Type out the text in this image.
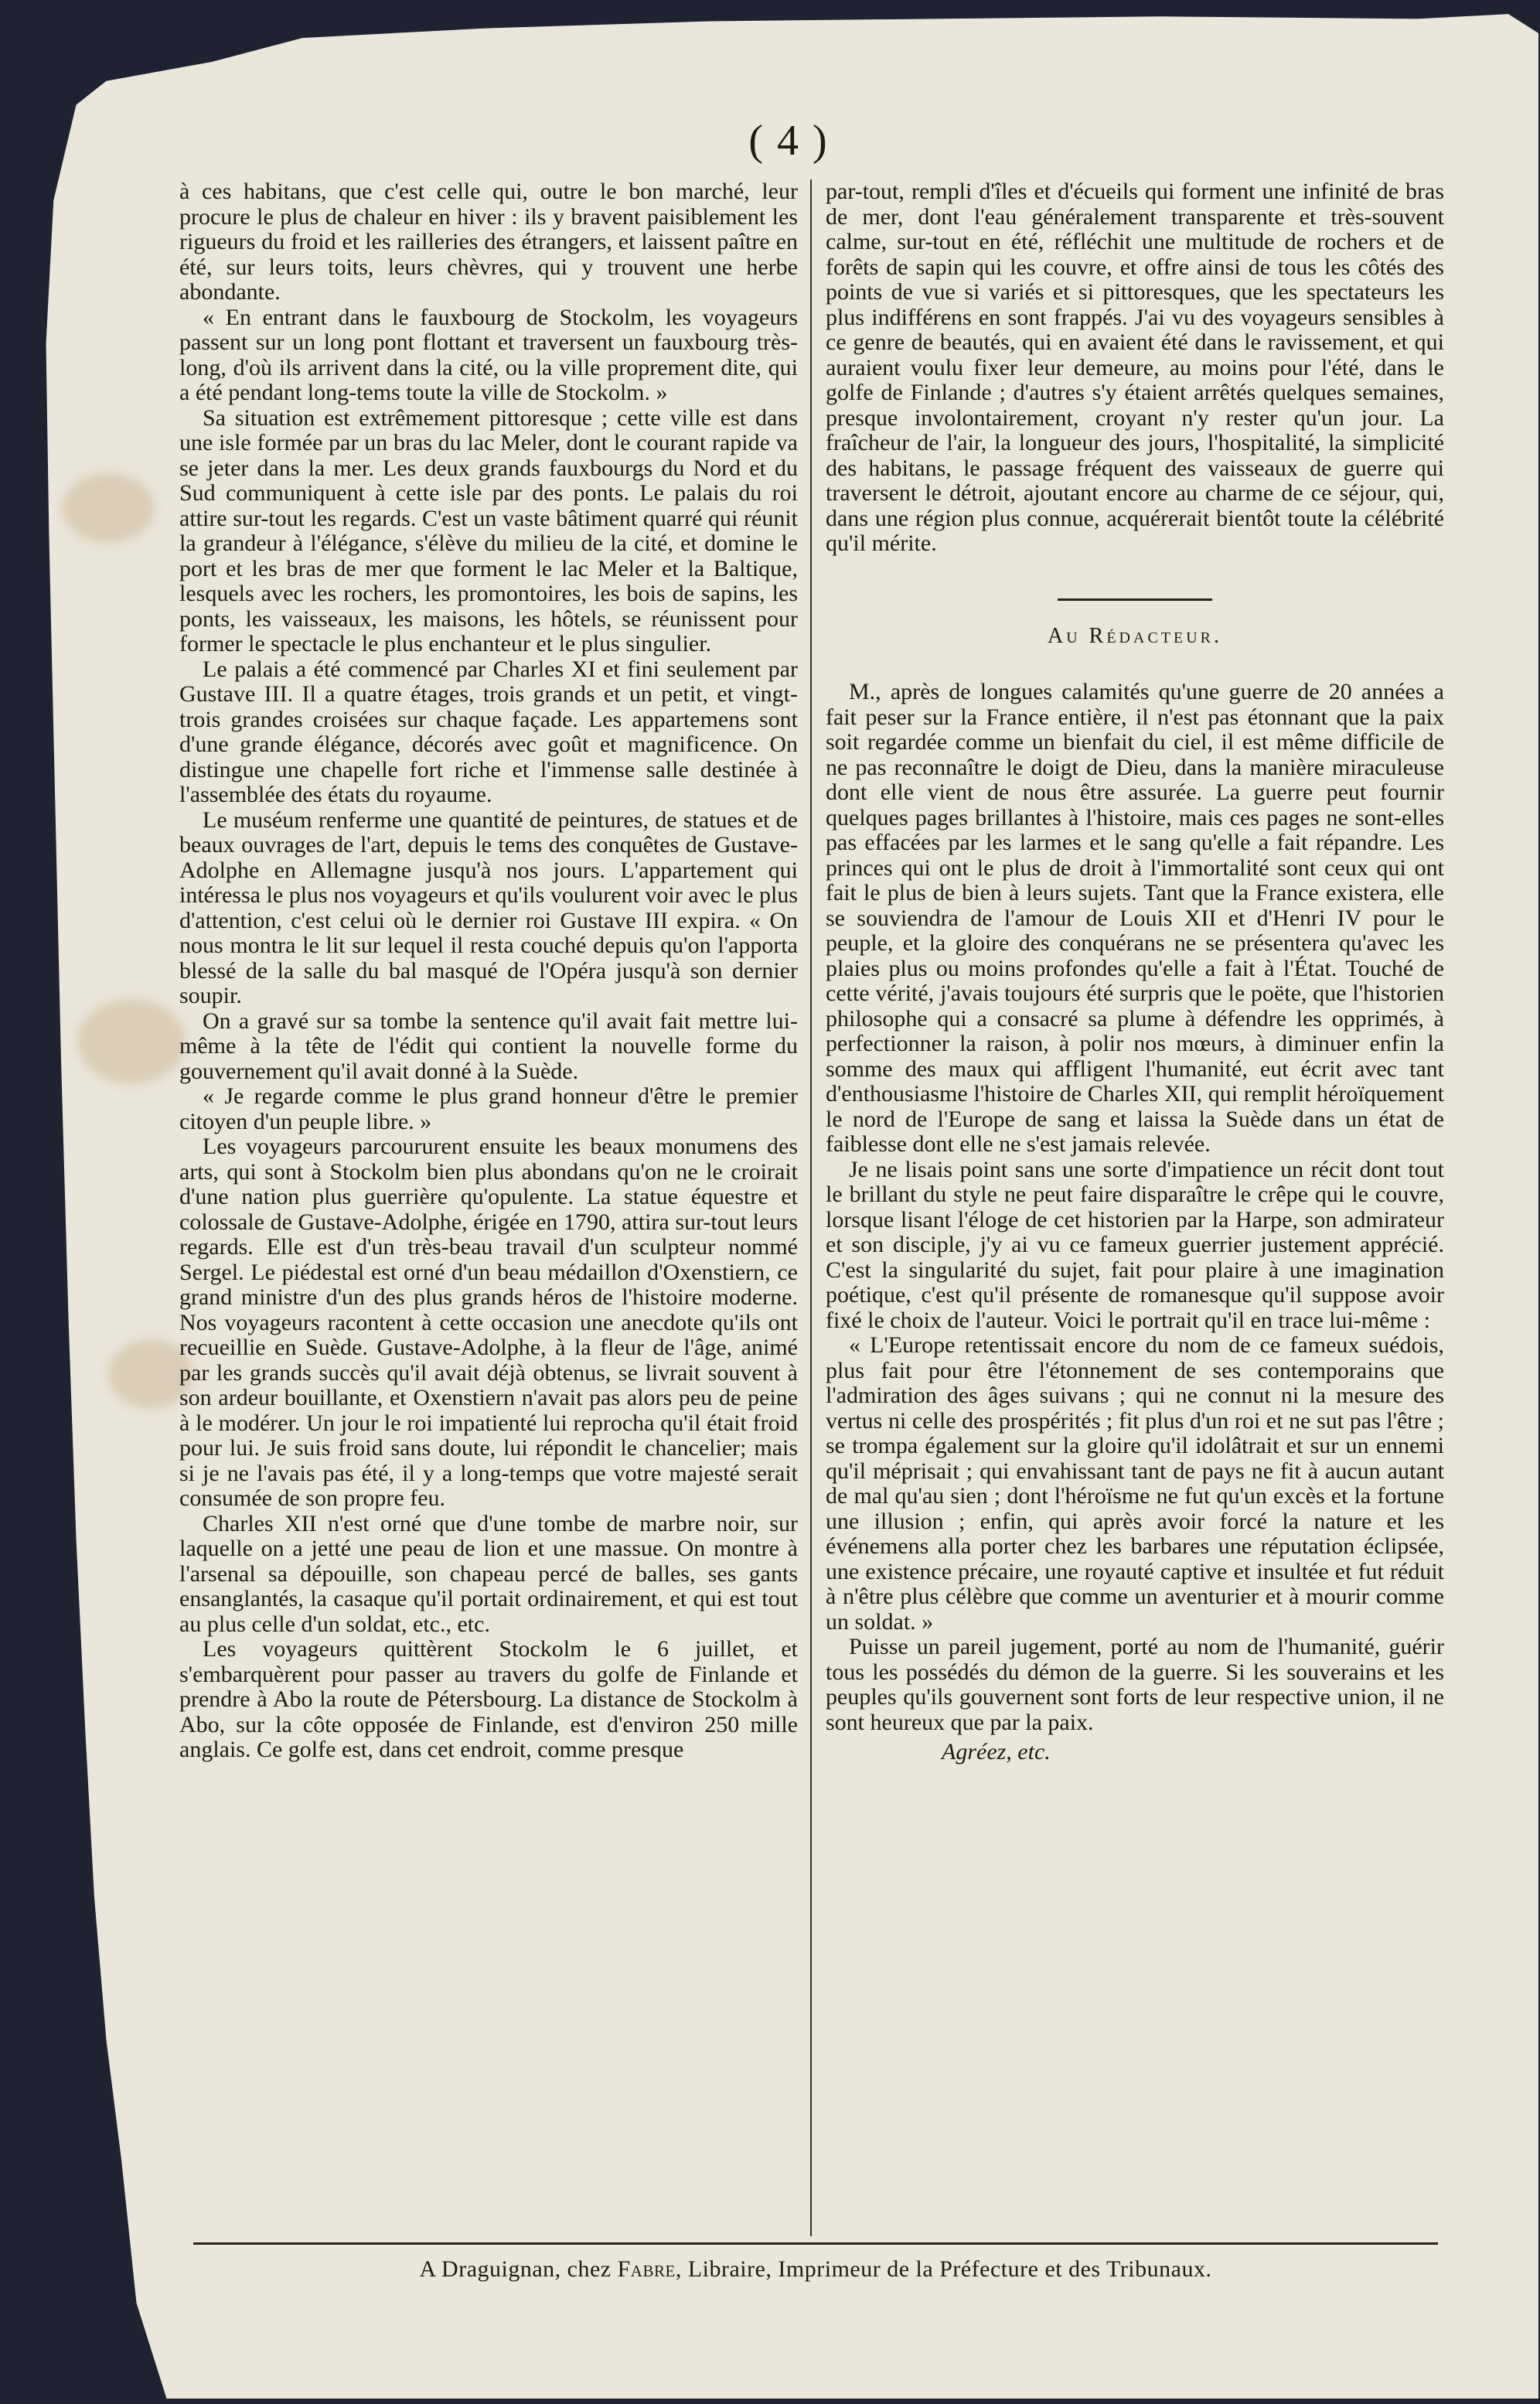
( 4 )

à ces habitans, que c'est celle qui, outre le bon marché, leur procure le plus de chaleur en hiver : ils y bravent paisiblement les rigueurs du froid et les railleries des étrangers, et laissent paître en été, sur leurs toits, leurs chèvres, qui y trouvent une herbe abondante.

« En entrant dans le fauxbourg de Stockolm, les voyageurs passent sur un long pont flottant et traversent un fauxbourg très-long, d'où ils arrivent dans la cité, ou la ville proprement dite, qui a été pendant long-tems toute la ville de Stockolm. »

Sa situation est extrêmement pittoresque ; cette ville est dans une isle formée par un bras du lac Meler, dont le courant rapide va se jeter dans la mer. Les deux grands fauxbourgs du Nord et du Sud communiquent à cette isle par des ponts. Le palais du roi attire sur-tout les regards. C'est un vaste bâtiment quarré qui réunit la grandeur à l'élégance, s'élève du milieu de la cité, et domine le port et les bras de mer que forment le lac Meler et la Baltique, lesquels avec les rochers, les promontoires, les bois de sapins, les ponts, les vaisseaux, les maisons, les hôtels, se réunissent pour former le spectacle le plus enchanteur et le plus singulier.

Le palais a été commencé par Charles XI et fini seulement par Gustave III. Il a quatre étages, trois grands et un petit, et vingt-trois grandes croisées sur chaque façade. Les appartemens sont d'une grande élégance, décorés avec goût et magnificence. On distingue une chapelle fort riche et l'immense salle destinée à l'assemblée des états du royaume.

Le muséum renferme une quantité de peintures, de statues et de beaux ouvrages de l'art, depuis le tems des conquêtes de Gustave-Adolphe en Allemagne jusqu'à nos jours. L'appartement qui intéressa le plus nos voyageurs et qu'ils voulurent voir avec le plus d'attention, c'est celui où le dernier roi Gustave III expira. « On nous montra le lit sur lequel il resta couché depuis qu'on l'apporta blessé de la salle du bal masqué de l'Opéra jusqu'à son dernier soupir.

On a gravé sur sa tombe la sentence qu'il avait fait mettre lui-même à la tête de l'édit qui contient la nouvelle forme du gouvernement qu'il avait donné à la Suède.

« Je regarde comme le plus grand honneur d'être le premier citoyen d'un peuple libre. »

Les voyageurs parcoururent ensuite les beaux monumens des arts, qui sont à Stockolm bien plus abondans qu'on ne le croirait d'une nation plus guerrière qu'opulente. La statue équestre et colossale de Gustave-Adolphe, érigée en 1790, attira sur-tout leurs regards. Elle est d'un très-beau travail d'un sculpteur nommé Sergel. Le piédestal est orné d'un beau médaillon d'Oxenstiern, ce grand ministre d'un des plus grands héros de l'histoire moderne. Nos voyageurs racontent à cette occasion une anecdote qu'ils ont recueillie en Suède. Gustave-Adolphe, à la fleur de l'âge, animé par les grands succès qu'il avait déjà obtenus, se livrait souvent à son ardeur bouillante, et Oxenstiern n'avait pas alors peu de peine à le modérer. Un jour le roi impatienté lui reprocha qu'il était froid pour lui. Je suis froid sans doute, lui répondit le chancelier; mais si je ne l'avais pas été, il y a long-temps que votre majesté serait consumée de son propre feu.

Charles XII n'est orné que d'une tombe de marbre noir, sur laquelle on a jetté une peau de lion et une massue. On montre à l'arsenal sa dépouille, son chapeau percé de balles, ses gants ensanglantés, la casaque qu'il portait ordinairement, et qui est tout au plus celle d'un soldat, etc., etc.

Les voyageurs quittèrent Stockolm le 6 juillet, et s'embarquèrent pour passer au travers du golfe de Finlande et prendre à Abo la route de Pétersbourg. La distance de Stockolm à Abo, sur la côte opposée de Finlande, est d'environ 250 mille anglais. Ce golfe est, dans cet endroit, comme presque

par-tout, rempli d'îles et d'écueils qui forment une infinité de bras de mer, dont l'eau généralement transparente et très-souvent calme, sur-tout en été, réfléchit une multitude de rochers et de forêts de sapin qui les couvre, et offre ainsi de tous les côtés des points de vue si variés et si pittoresques, que les spectateurs les plus indifférens en sont frappés. J'ai vu des voyageurs sensibles à ce genre de beautés, qui en avaient été dans le ravissement, et qui auraient voulu fixer leur demeure, au moins pour l'été, dans le golfe de Finlande ; d'autres s'y étaient arrêtés quelques semaines, presque involontairement, croyant n'y rester qu'un jour. La fraîcheur de l'air, la longueur des jours, l'hospitalité, la simplicité des habitans, le passage fréquent des vaisseaux de guerre qui traversent le détroit, ajoutant encore au charme de ce séjour, qui, dans une région plus connue, acquérerait bientôt toute la célébrité qu'il mérite.

Au Rédacteur.

M., après de longues calamités qu'une guerre de 20 années a fait peser sur la France entière, il n'est pas étonnant que la paix soit regardée comme un bienfait du ciel, il est même difficile de ne pas reconnaître le doigt de Dieu, dans la manière miraculeuse dont elle vient de nous être assurée. La guerre peut fournir quelques pages brillantes à l'histoire, mais ces pages ne sont-elles pas effacées par les larmes et le sang qu'elle a fait répandre. Les princes qui ont le plus de droit à l'immortalité sont ceux qui ont fait le plus de bien à leurs sujets. Tant que la France existera, elle se souviendra de l'amour de Louis XII et d'Henri IV pour le peuple, et la gloire des conquérans ne se présentera qu'avec les plaies plus ou moins profondes qu'elle a fait à l'État. Touché de cette vérité, j'avais toujours été surpris que le poëte, que l'historien philosophe qui a consacré sa plume à défendre les opprimés, à perfectionner la raison, à polir nos mœurs, à diminuer enfin la somme des maux qui affligent l'humanité, eut écrit avec tant d'enthousiasme l'histoire de Charles XII, qui remplit héroïquement le nord de l'Europe de sang et laissa la Suède dans un état de faiblesse dont elle ne s'est jamais relevée.

Je ne lisais point sans une sorte d'impatience un récit dont tout le brillant du style ne peut faire disparaître le crêpe qui le couvre, lorsque lisant l'éloge de cet historien par la Harpe, son admirateur et son disciple, j'y ai vu ce fameux guerrier justement apprécié. C'est la singularité du sujet, fait pour plaire à une imagination poétique, c'est qu'il présente de romanesque qu'il suppose avoir fixé le choix de l'auteur. Voici le portrait qu'il en trace lui-même :

« L'Europe retentissait encore du nom de ce fameux suédois, plus fait pour être l'étonnement de ses contemporains que l'admiration des âges suivans ; qui ne connut ni la mesure des vertus ni celle des prospérités ; fit plus d'un roi et ne sut pas l'être ; se trompa également sur la gloire qu'il idolâtrait et sur un ennemi qu'il méprisait ; qui envahissant tant de pays ne fit à aucun autant de mal qu'au sien ; dont l'héroïsme ne fut qu'un excès et la fortune une illusion ; enfin, qui après avoir forcé la nature et les événemens alla porter chez les barbares une réputation éclipsée, une existence précaire, une royauté captive et insultée et fut réduit à n'être plus célèbre que comme un aventurier et à mourir comme un soldat. »

Puisse un pareil jugement, porté au nom de l'humanité, guérir tous les possédés du démon de la guerre. Si les souverains et les peuples qu'ils gouvernent sont forts de leur respective union, il ne sont heureux que par la paix.

Agréez, etc.

A Draguignan, chez Fabre, Libraire, Imprimeur de la Préfecture et des Tribunaux.
